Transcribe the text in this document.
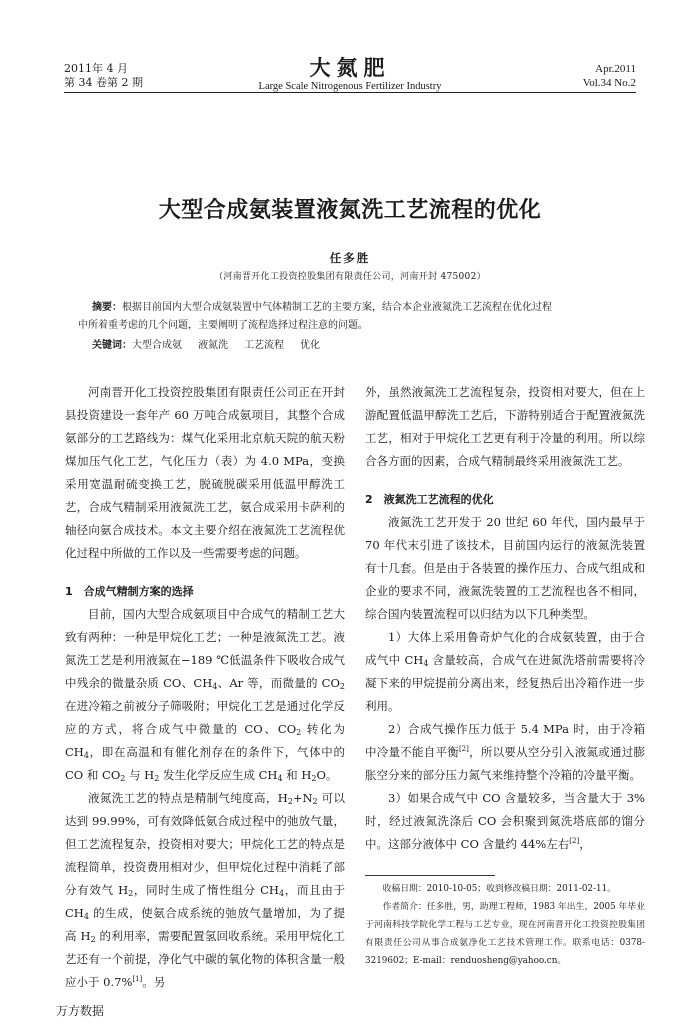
2011年 4 月
第 34 卷第 2 期
大氮肥
Large Scale Nitrogenous Fertilizer Industry
Apr.2011
Vol.34 No.2
大型合成氨装置液氮洗工艺流程的优化
任多胜
（河南晋开化工投资控股集团有限责任公司，河南开封 475002）
摘要：根据目前国内大型合成氨装置中气体精制工艺的主要方案，结合本企业液氮洗工艺流程在优化过程
中所着重考虑的几个问题，主要阐明了流程选择过程注意的问题。
关键词：大型合成氨 液氮洗 工艺流程 优化

河南晋开化工投资控股集团有限责任公司正在开封县投资建设一套年产 60 万吨合成氨项目，其整个合成氨部分的工艺路线为：煤气化采用北京航天院的航天粉煤加压气化工艺，气化压力（表）为 4.0 MPa，变换采用宽温耐硫变换工艺，脱硫脱碳采用低温甲醇洗工艺，合成气精制采用液氮洗工艺，氨合成采用卡萨利的轴径向氨合成技术。本文主要介绍在液氮洗工艺流程优化过程中所做的工作以及一些需要考虑的问题。

1　合成气精制方案的选择

目前，国内大型合成氨项目中合成气的精制工艺大致有两种：一种是甲烷化工艺；一种是液氮洗工艺。液氮洗工艺是利用液氮在−189 ℃低温条件下吸收合成气中残余的微量杂质 CO、$CH_4$、Ar 等，而微量的 $CO_2$ 在进冷箱之前被分子筛吸附；甲烷化工艺是通过化学反应的方式，将合成气中微量的 CO、$CO_2$ 转化为 $CH_4$，即在高温和有催化剂存在的条件下，气体中的 CO 和 $CO_2$ 与 $H_2$ 发生化学反应生成 $CH_4$ 和 $H_2O$。

液氮洗工艺的特点是精制气纯度高，$H_2+N_2$ 可以达到 99.99%，可有效降低氨合成过程中的弛放气量，但工艺流程复杂，投资相对要大；甲烷化工艺的特点是流程简单，投资费用相对少，但甲烷化过程中消耗了部分有效气 $H_2$，同时生成了惰性组分 $CH_4$，而且由于 $CH_4$ 的生成，使氨合成系统的弛放气量增加，为了提高 $H_2$ 的利用率，需要配置氢回收系统。采用甲烷化工艺还有一个前提，净化气中碳的氧化物的体积含量一般应小于 0.7%[1]。另

外，虽然液氮洗工艺流程复杂，投资相对要大，但在上游配置低温甲醇洗工艺后，下游特别适合于配置液氮洗工艺，相对于甲烷化工艺更有利于冷量的利用。所以综合各方面的因素，合成气精制最终采用液氮洗工艺。

2　液氮洗工艺流程的优化

液氮洗工艺开发于 20 世纪 60 年代，国内最早于 70 年代末引进了该技术，目前国内运行的液氮洗装置有十几套。但是由于各装置的操作压力、合成气组成和企业的要求不同，液氮洗装置的工艺流程也各不相同，综合国内装置流程可以归结为以下几种类型。

1）大体上采用鲁奇炉气化的合成氨装置，由于合成气中 $CH_4$ 含量较高，合成气在进氮洗塔前需要将冷凝下来的甲烷提前分离出来，经复热后出冷箱作进一步利用。

2）合成气操作压力低于 5.4 MPa 时，由于冷箱中冷量不能自平衡[2]，所以要从空分引入液氮或通过膨胀空分来的部分压力氮气来维持整个冷箱的冷量平衡。

3）如果合成气中 CO 含量较多，当含量大于 3%时，经过液氮洗涤后 CO 会积聚到氮洗塔底部的馏分中。这部分液体中 CO 含量约 44%左右[2]，

收稿日期：2010-10-05；收到修改稿日期：2011-02-11。

作者简介：任多胜，男，助理工程师，1983 年出生，2005 年毕业于河南科技学院化学工程与工艺专业，现在河南晋开化工投资控股集团有限责任公司从事合成氨净化工艺技术管理工作。联系电话：0378-3219602；E-mail：renduosheng@yahoo.cn。

万方数据
